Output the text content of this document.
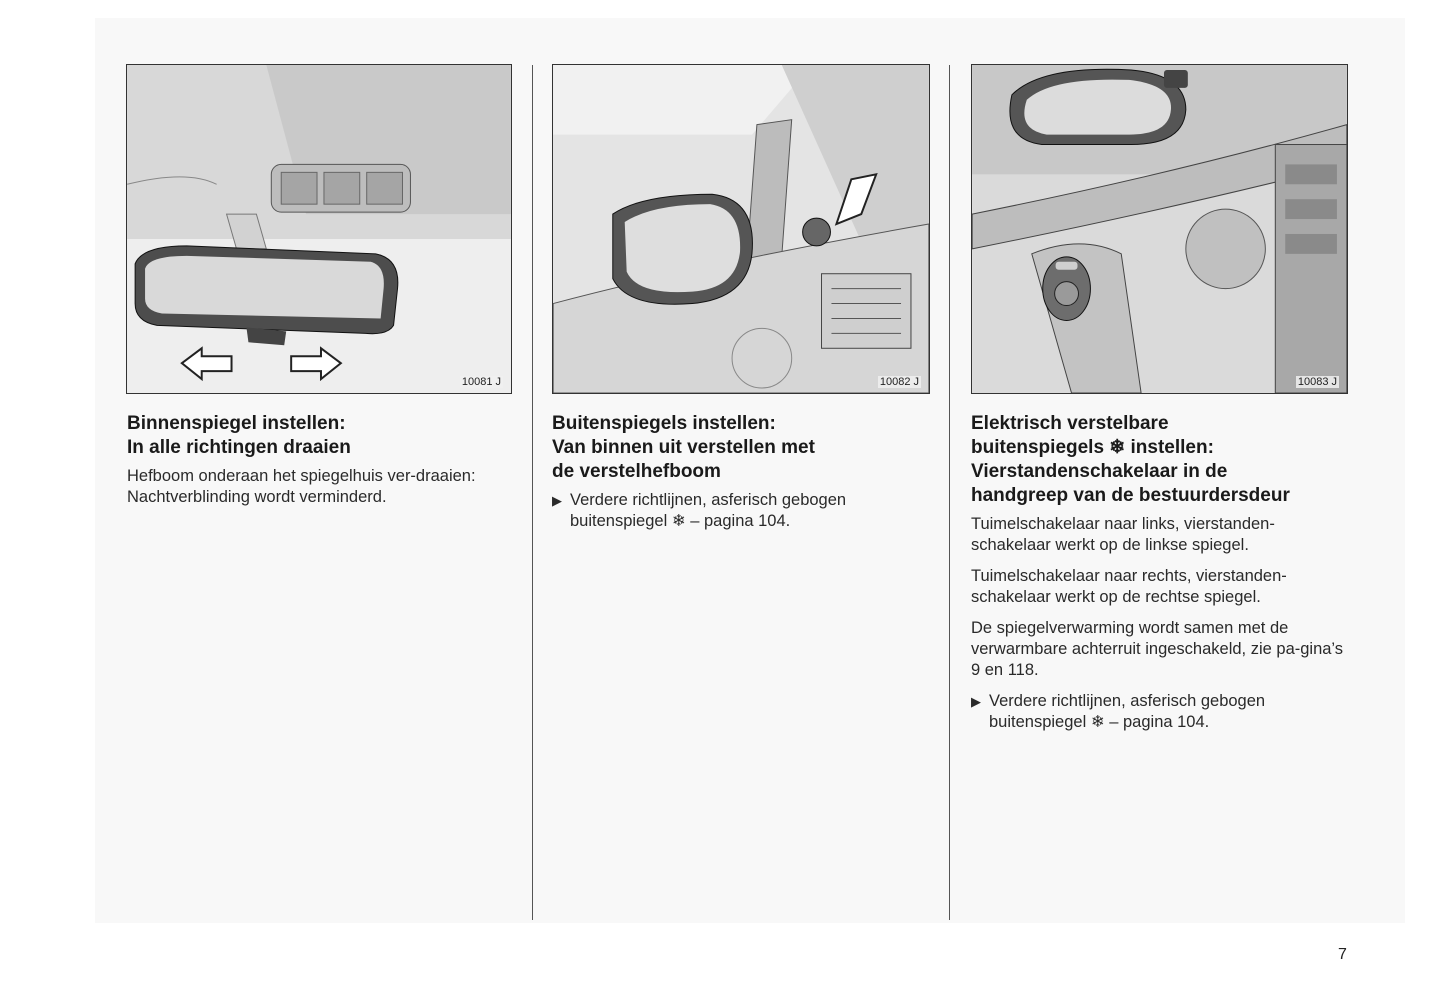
10081 J	10082 J	10083 J
Binnenspiegel instellen:
In alle richtingen draaien

Hefboom onderaan het spiegelhuis ver-draaien: Nachtverblinding wordt verminderd.

Buitenspiegels instellen:
Van binnen uit verstellen met
de verstelhefboom
▶ Verdere richtlijnen, asferisch gebogen buitenspiegel ❄ – pagina 104.
Elektrisch verstelbare
buitenspiegels ❄ instellen:
Vierstandenschakelaar in de
handgreep van de bestuurdersdeur

Tuimelschakelaar naar links, vierstanden-schakelaar werkt op de linkse spiegel.

Tuimelschakelaar naar rechts, vierstanden-schakelaar werkt op de rechtse spiegel.

De spiegelverwarming wordt samen met de verwarmbare achterruit ingeschakeld, zie pa-gina’s 9 en 118.

▶ Verdere richtlijnen, asferisch gebogen buitenspiegel ❄ – pagina 104.
7
